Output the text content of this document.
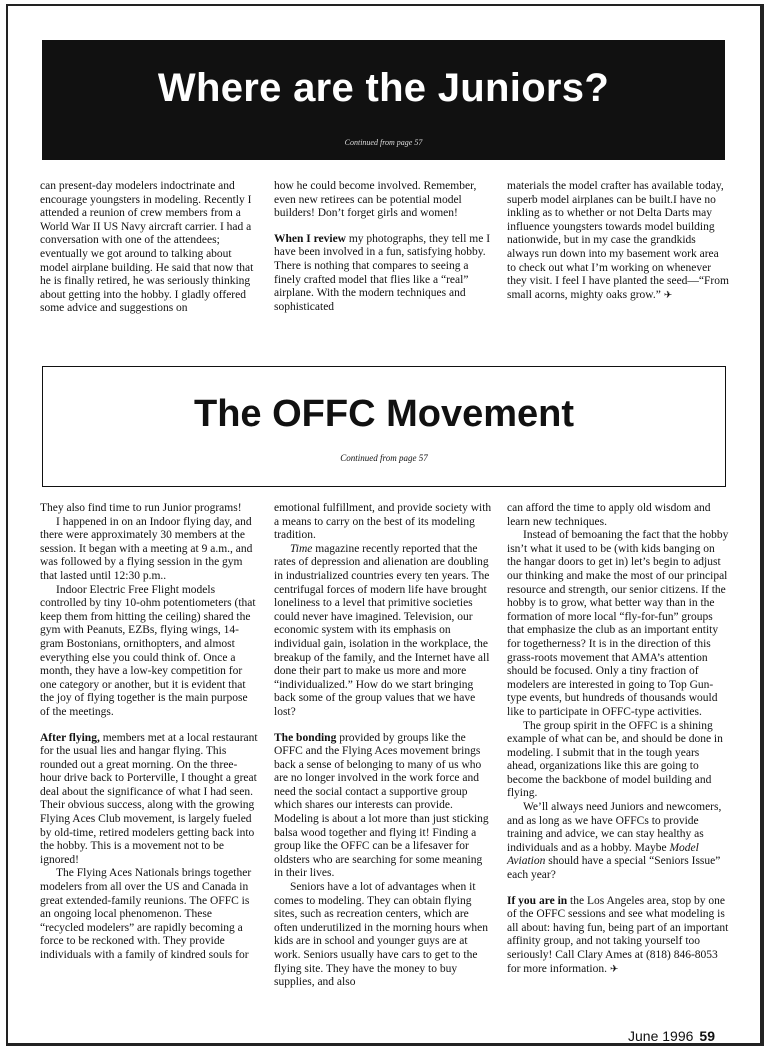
Where are the Juniors?
Continued from page 57

can present-day modelers indoctrinate and encourage youngsters in modeling. Recently I attended a reunion of crew members from a World War II US Navy aircraft carrier. I had a conversation with one of the attendees; eventually we got around to talking about model airplane building. He said that now that he is finally retired, he was seriously thinking about getting into the hobby. I gladly offered some advice and suggestions on

how he could become involved. Remember, even new retirees can be potential model builders! Don’t forget girls and women!

When I review my photographs, they tell me I have been involved in a fun, satisfying hobby. There is nothing that compares to seeing a finely crafted model that flies like a “real” airplane. With the modern techniques and sophisticated

materials the model crafter has available today, superb model airplanes can be built.I have no inkling as to whether or not Delta Darts may influence youngsters towards model building nationwide, but in my case the grandkids always run down into my basement work area to check out what I’m working on whenever they visit. I feel I have planted the seed—“From small acorns, mighty oaks grow.” ✈

The OFFC Movement
Continued from page 57

They also find time to run Junior programs!

I happened in on an Indoor flying day, and there were approximately 30 members at the session. It began with a meeting at 9 a.m., and was followed by a flying session in the gym that lasted until 12:30 p.m..

Indoor Electric Free Flight models controlled by tiny 10-ohm potentiometers (that keep them from hitting the ceiling) shared the gym with Peanuts, EZBs, flying wings, 14-gram Bostonians, ornithopters, and almost everything else you could think of. Once a month, they have a low-key competition for one category or another, but it is evident that the joy of flying together is the main purpose of the meetings.

After flying, members met at a local restaurant for the usual lies and hangar flying. This rounded out a great morning. On the three-hour drive back to Porterville, I thought a great deal about the significance of what I had seen. Their obvious success, along with the growing Flying Aces Club movement, is largely fueled by old-time, retired modelers getting back into the hobby. This is a movement not to be ignored!

The Flying Aces Nationals brings together modelers from all over the US and Canada in great extended-family reunions. The OFFC is an ongoing local phenomenon. These “recycled modelers” are rapidly becoming a force to be reckoned with. They provide individuals with a family of kindred souls for

emotional fulfillment, and provide society with a means to carry on the best of its modeling tradition.

Time magazine recently reported that the rates of depression and alienation are doubling in industrialized countries every ten years. The centrifugal forces of modern life have brought loneliness to a level that primitive societies could never have imagined. Television, our economic system with its emphasis on individual gain, isolation in the workplace, the breakup of the family, and the Internet have all done their part to make us more and more “individualized.” How do we start bringing back some of the group values that we have lost?

The bonding provided by groups like the OFFC and the Flying Aces movement brings back a sense of belonging to many of us who are no longer involved in the work force and need the social contact a supportive group which shares our interests can provide. Modeling is about a lot more than just sticking balsa wood together and flying it! Finding a group like the OFFC can be a lifesaver for oldsters who are searching for some meaning in their lives.

Seniors have a lot of advantages when it comes to modeling. They can obtain flying sites, such as recreation centers, which are often underutilized in the morning hours when kids are in school and younger guys are at work. Seniors usually have cars to get to the flying site. They have the money to buy supplies, and also

can afford the time to apply old wisdom and learn new techniques.

Instead of bemoaning the fact that the hobby isn’t what it used to be (with kids banging on the hangar doors to get in) let’s begin to adjust our thinking and make the most of our principal resource and strength, our senior citizens. If the hobby is to grow, what better way than in the formation of more local “fly-for-fun” groups that emphasize the club as an important entity for togetherness? It is in the direction of this grass-roots movement that AMA’s attention should be focused. Only a tiny fraction of modelers are interested in going to Top Gun-type events, but hundreds of thousands would like to participate in OFFC-type activities.

The group spirit in the OFFC is a shining example of what can be, and should be done in modeling. I submit that in the tough years ahead, organizations like this are going to become the backbone of model building and flying.

We’ll always need Juniors and newcomers, and as long as we have OFFCs to provide training and advice, we can stay healthy as individuals and as a hobby. Maybe Model Aviation should have a special “Seniors Issue” each year?

If you are in the Los Angeles area, stop by one of the OFFC sessions and see what modeling is all about: having fun, being part of an important affinity group, and not taking yourself too seriously! Call Clary Ames at (818) 846-8053 for more information. ✈

June 1996 59
